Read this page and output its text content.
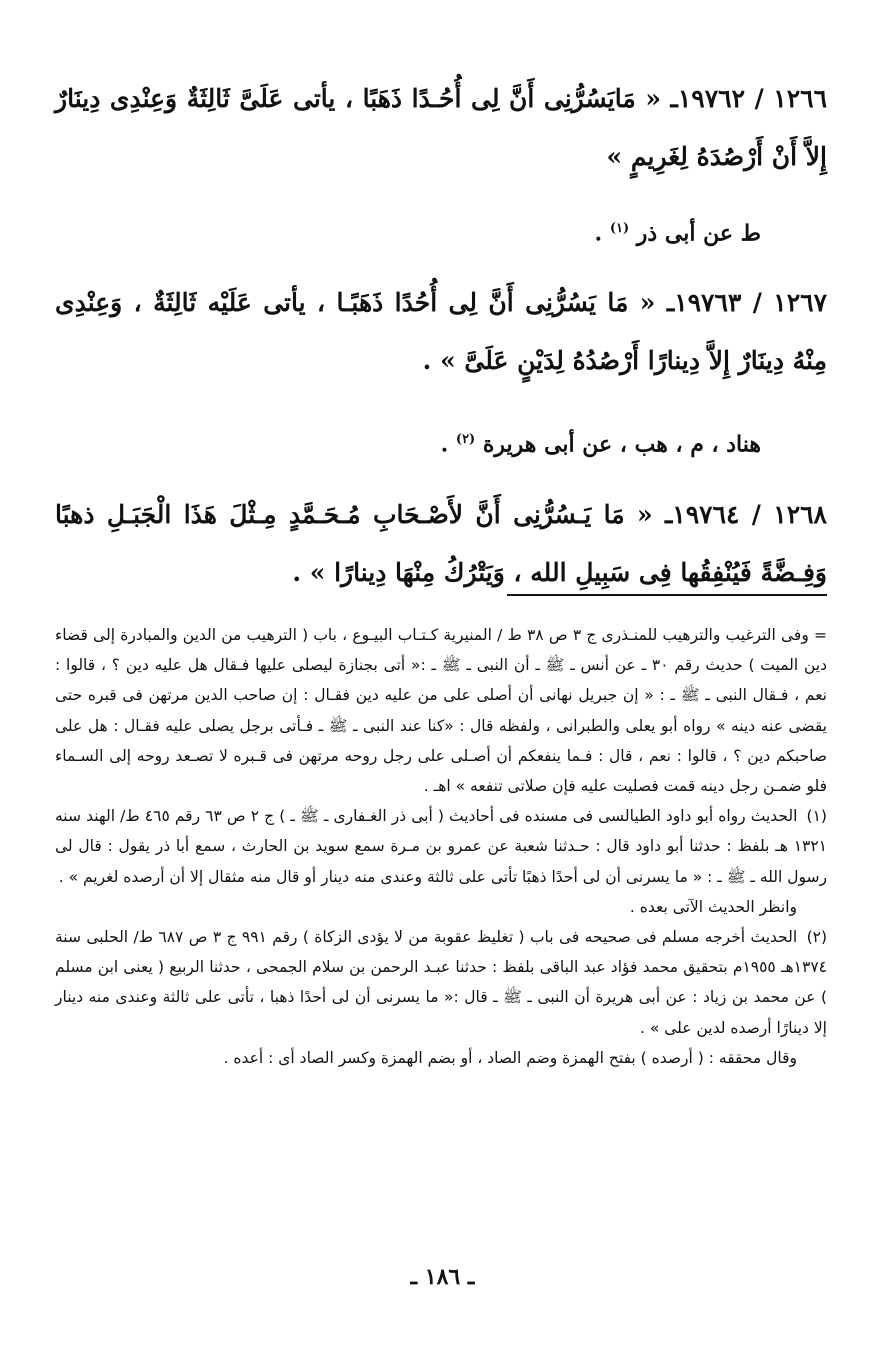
١٢٦٦ / ١٩٧٦٢ـ « مَايَسُرُّنِى أَنَّ لِى أُحُـدًا ذَهَبًا ، يأتى عَلَىَّ ثَالِثَةٌ وَعِنْدِى دِينَارٌ إِلاَّ أَنْ أَرْصُدَهُ لِغَرِيمٍ »
ط عن أبى ذر $^{(١)}$ .
١٢٦٧ / ١٩٧٦٣ـ « مَا يَسُرُّنِى أَنَّ لِى أُحُدًا ذَهَبًـا ، يأتى عَلَيْه ثَالِثَةٌ ، وَعِنْدِى مِنْهُ دِينَارٌ إِلاَّ دِينارًا أَرْصُدُهُ لِدَيْنٍ عَلَىَّ » .
هناد ، م ، هب ، عن أبى هريرة $^{(٢)}$ .
١٢٦٨ / ١٩٧٦٤ـ « مَا يَـسُرُّنِى أَنَّ لأَصْـحَابِ مُـحَـمَّدٍ مِـثْلَ هَذَا الْجَبَـلِ ذهبًا وَفِـضَّةً فَيُنْفِقُها فِى سَبِيلِ الله ، وَيَتْرُكُ مِنْهَا دِينارًا » .

= وفى الترغيب والترهيب للمنـذرى ج ٣ ص ٣٨ ط / المنيرية كـتـاب البيـوع ، باب ( الترهيب من الدين والمبادرة إلى قضاء دين الميت ) حديث رقم ٣٠ ـ عن أنس ـ ﷺ ـ أن النبى ـ ﷺ ـ :« أتى بجنازة ليصلى عليها فـقال هل عليه دين ؟ ، قالوا : نعم ، فـقال النبى ـ ﷺ ـ : « إن جبريل نهانى أن أصلى على من عليه دين فقـال : إن صاحب الدين مرتهن فى قبره حتى يقضى عنه دينه » رواه أبو يعلى والطبرانى ، ولفظه قال : «كنا عند النبى ـ ﷺ ـ فـأتى برجل يصلى عليه فقـال : هل على صاحبكم دين ؟ ، قالوا : نعم ، قال : فـما ينفعكم أن أصـلى على رجل روحه مرتهن فى قـبره لا تصـعد روحه إلى السـماء فلو ضمـن رجل دينه قمت فصليت عليه فإن صلاتى تنفعه » اهـ .

(١) الحديث رواه أبو داود الطيالسى فى مسنده فى أحاديث ( أبى ذر الغـفارى ـ ﷺ ـ ) ج ٢ ص ٦٣ رقم ٤٦٥ ط/ الهند سنه ١٣٢١ هـ بلفظ : حدثنا أبو داود قال : حـدثنا شعبة عن عمرو بن مـرة سمع سويد بن الحارث ، سمع أبا ذر يقول : قال لى رسول الله ـ ﷺ ـ : « ما يسرنى أن لى أحدًا ذهبًا تأتى على ثالثة وعندى منه دينار أو قال منه مثقال إلا أن أرصده لغريم » .

وانظر الحديث الآتى بعده .

(٢) الحديث أخرجه مسلم فى صحيحه فى باب ( تغليظ عقوبة من لا يؤدى الزكاة ) رقم ٩٩١ ج ٣ ص ٦٨٧ ط/ الحلبى سنة ١٣٧٤هـ ١٩٥٥م بتحقيق محمد فؤاد عبد الباقى بلفظ : حدثنا عبـد الرحمن بن سلام الجمحى ، حدثنا الربيع ( يعنى ابن مسلم ) عن محمد بن زياد : عن أبى هريرة أن النبى ـ ﷺ ـ قال :« ما يسرنى أن لى أحدًا ذهبا ، تأتى على ثالثة وعندى منه دينار إلا دينارًا أرصده لدين على » .

وقال محققه : ( أرصده ) بفتح الهمزة وضم الصاد ، أو بضم الهمزة وكسر الصاد أى : أعده .

ـ ١٨٦ ـ
